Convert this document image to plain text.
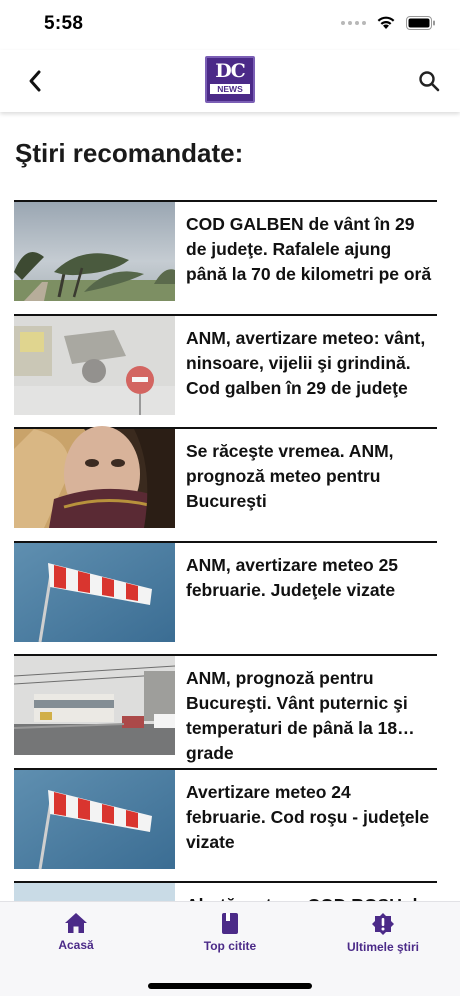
5:58
DC
NEWS
Ştiri recomandate:
COD GALBEN de vânt în 29 de judeţe. Rafalele ajung până la 70 de kilometri pe oră
ANM, avertizare meteo: vânt, ninsoare, vijelii şi grindină. Cod galben în 29 de judeţe
Se răceşte vremea. ANM, prognoză meteo pentru Bucureşti
ANM, avertizare meteo 25 februarie. Judeţele vizate
ANM, prognoză pentru Bucureşti. Vânt puternic şi temperaturi de până la 18 grade
Avertizare meteo 24 februarie. Cod roşu - judeţele vizate
Acasă	Top citite	Ultimele ştiri
